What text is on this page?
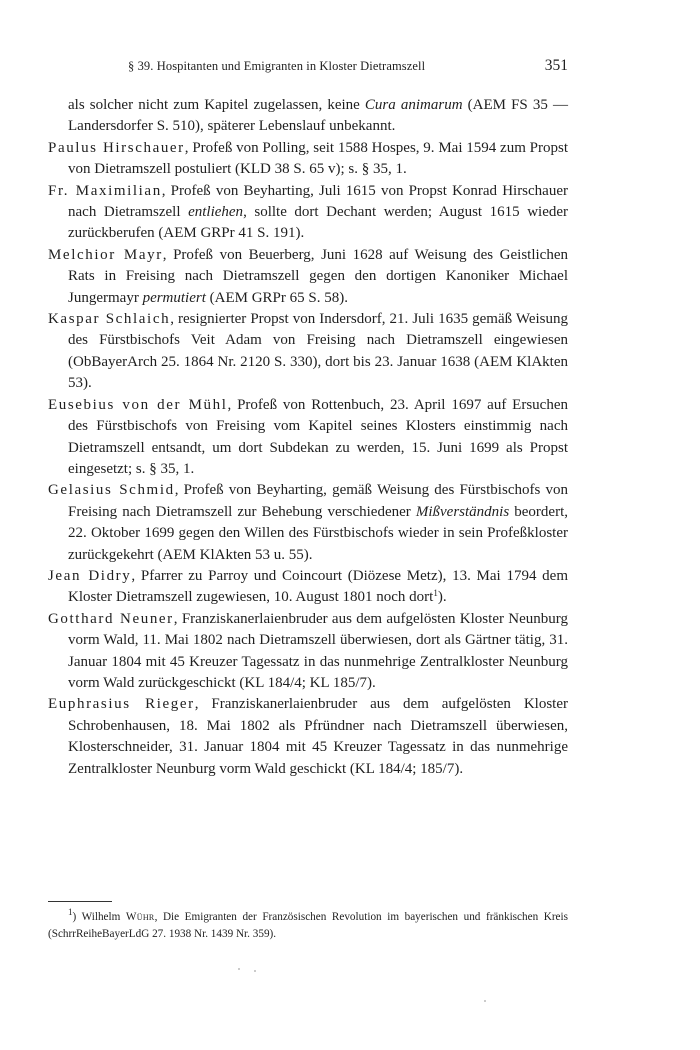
§ 39. Hospitanten und Emigranten in Kloster Dietramszell	351

als solcher nicht zum Kapitel zugelassen, keine Cura animarum (AEM FS 35 — Landersdorfer S. 510), späterer Lebenslauf unbekannt.

Paulus Hirschauer, Profeß von Polling, seit 1588 Hospes, 9. Mai 1594 zum Propst von Dietramszell postuliert (KLD 38 S. 65 v); s. § 35, 1.

Fr. Maximilian, Profeß von Beyharting, Juli 1615 von Propst Konrad Hirschauer nach Dietramszell entliehen, sollte dort Dechant werden; August 1615 wieder zurückberufen (AEM GRPr 41 S. 191).

Melchior Mayr, Profeß von Beuerberg, Juni 1628 auf Weisung des Geistlichen Rats in Freising nach Dietramszell gegen den dortigen Kanoniker Michael Jungermayr permutiert (AEM GRPr 65 S. 58).

Kaspar Schlaich, resignierter Propst von Indersdorf, 21. Juli 1635 gemäß Weisung des Fürstbischofs Veit Adam von Freising nach Dietramszell eingewiesen (ObBayerArch 25. 1864 Nr. 2120 S. 330), dort bis 23. Januar 1638 (AEM KlAkten 53).

Eusebius von der Mühl, Profeß von Rottenbuch, 23. April 1697 auf Ersuchen des Fürstbischofs von Freising vom Kapitel seines Klosters einstimmig nach Dietramszell entsandt, um dort Subdekan zu werden, 15. Juni 1699 als Propst eingesetzt; s. § 35, 1.

Gelasius Schmid, Profeß von Beyharting, gemäß Weisung des Fürstbischofs von Freising nach Dietramszell zur Behebung verschiedener Mißverständnis beordert, 22. Oktober 1699 gegen den Willen des Fürstbischofs wieder in sein Profeßkloster zurückgekehrt (AEM KlAkten 53 u. 55).

Jean Didry, Pfarrer zu Parroy und Coincourt (Diözese Metz), 13. Mai 1794 dem Kloster Dietramszell zugewiesen, 10. August 1801 noch dort$^1$).

Gotthard Neuner, Franziskanerlaienbruder aus dem aufgelösten Kloster Neunburg vorm Wald, 11. Mai 1802 nach Dietramszell überwiesen, dort als Gärtner tätig, 31. Januar 1804 mit 45 Kreuzer Tagessatz in das nunmehrige Zentralkloster Neunburg vorm Wald zurückgeschickt (KL 184/4; KL 185/7).

Euphrasius Rieger, Franziskanerlaienbruder aus dem aufgelösten Kloster Schrobenhausen, 18. Mai 1802 als Pfründner nach Dietramszell überwiesen, Klosterschneider, 31. Januar 1804 mit 45 Kreuzer Tagessatz in das nunmehrige Zentralkloster Neunburg vorm Wald geschickt (KL 184/4; 185/7).

$^1$) Wilhelm Wühr, Die Emigranten der Französischen Revolution im bayerischen und fränkischen Kreis (SchrrReiheBayerLdG 27. 1938 Nr. 1439 Nr. 359).
